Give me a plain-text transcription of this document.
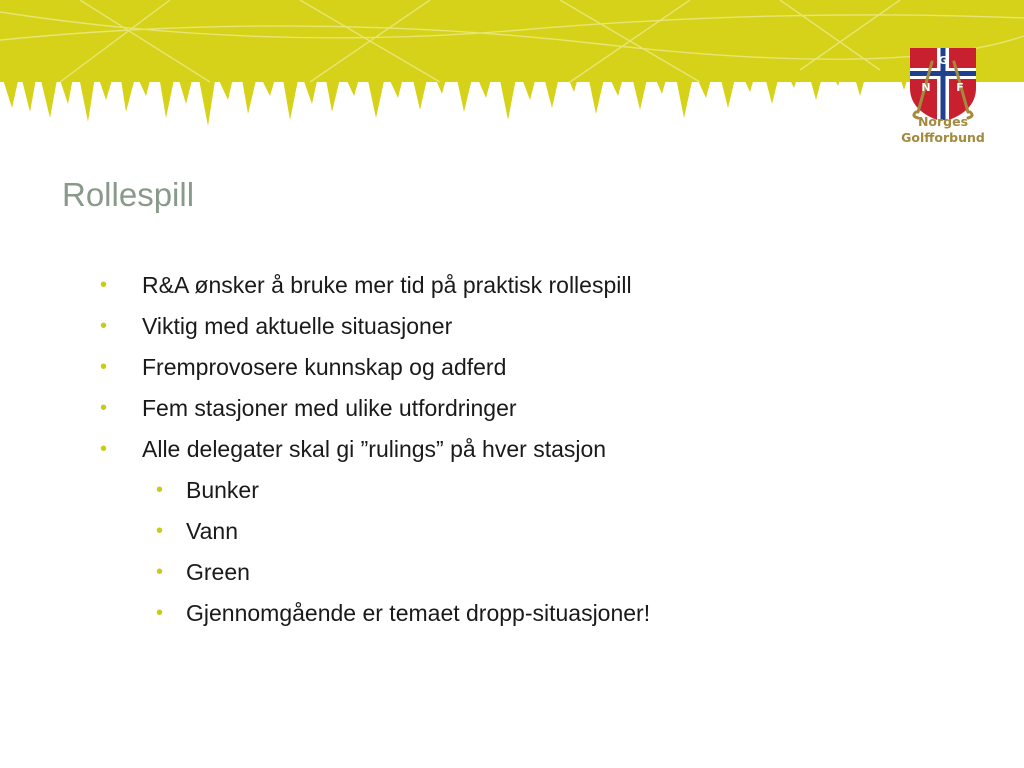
G
N F
Norges
Golfforbund
Rollespill
• R&A ønsker å bruke mer tid på praktisk rollespill
• Viktig med aktuelle situasjoner
• Fremprovosere kunnskap og adferd
• Fem stasjoner med ulike utfordringer
• Alle delegater skal gi ”rulings” på hver stasjon
• Bunker
• Vann
• Green
• Gjennomgående er temaet dropp-situasjoner!
